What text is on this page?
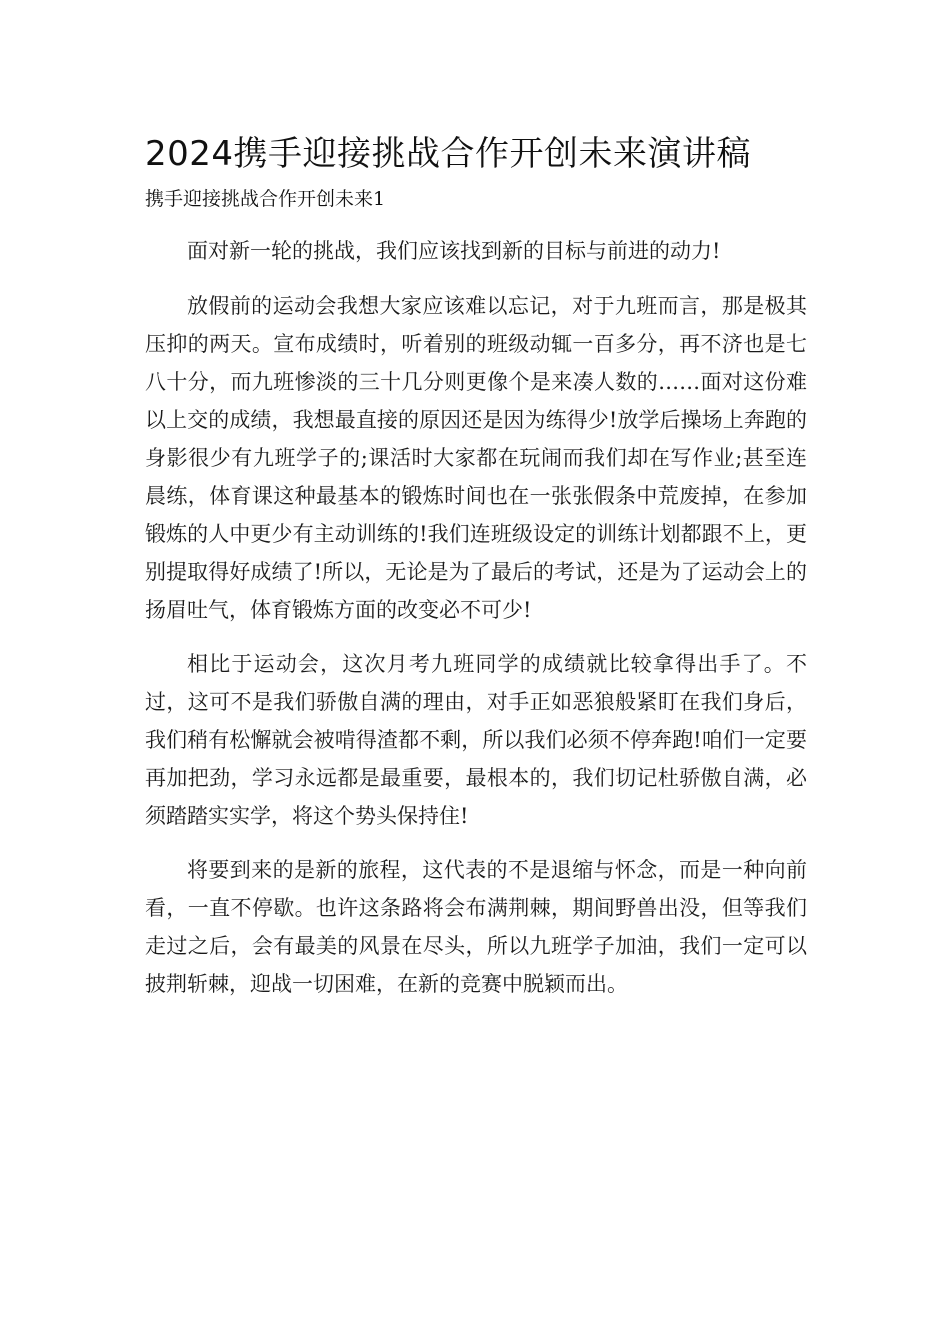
2024携手迎接挑战合作开创未来演讲稿
携手迎接挑战合作开创未来1

面对新一轮的挑战，我们应该找到新的目标与前进的动力!

放假前的运动会我想大家应该难以忘记，对于九班而言，那是极其压抑的两天。宣布成绩时，听着别的班级动辄一百多分，再不济也是七八十分，而九班惨淡的三十几分则更像个是来凑人数的……面对这份难以上交的成绩，我想最直接的原因还是因为练得少!放学后操场上奔跑的身影很少有九班学子的;课活时大家都在玩闹而我们却在写作业;甚至连晨练，体育课这种最基本的锻炼时间也在一张张假条中荒废掉，在参加锻炼的人中更少有主动训练的!我们连班级设定的训练计划都跟不上，更别提取得好成绩了!所以，无论是为了最后的考试，还是为了运动会上的扬眉吐气，体育锻炼方面的改变必不可少!

相比于运动会，这次月考九班同学的成绩就比较拿得出手了。不过，这可不是我们骄傲自满的理由，对手正如恶狼般紧盯在我们身后，我们稍有松懈就会被啃得渣都不剩，所以我们必须不停奔跑!咱们一定要再加把劲，学习永远都是最重要，最根本的，我们切记杜骄傲自满，必须踏踏实实学，将这个势头保持住!

将要到来的是新的旅程，这代表的不是退缩与怀念，而是一种向前看，一直不停歇。也许这条路将会布满荆棘，期间野兽出没，但等我们走过之后，会有最美的风景在尽头，所以九班学子加油，我们一定可以披荆斩棘，迎战一切困难，在新的竞赛中脱颖而出。
